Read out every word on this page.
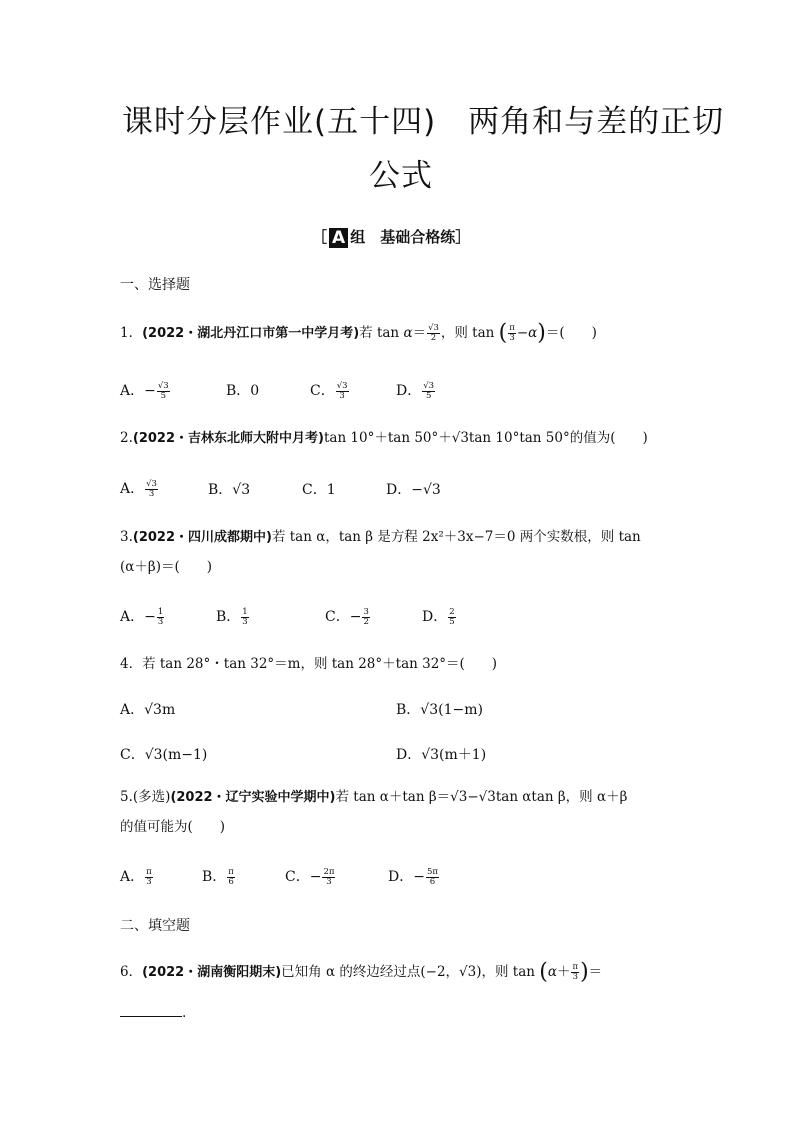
课时分层作业(五十四)　两角和与差的正切
公式
［ A 组　基础合格练］
一、选择题
1．(2022・湖北丹江口市第一中学月考)若 $\tan \alpha= \frac{√3}{2}$ ，则 tan ( $\frac{\pi}{3} -\alpha)=$(　　)
A．− $\frac{√3}{5}$	B．0	C． $\frac{√3}{3}$	D． $\frac{√3}{5}$
2.(2022・吉林东北师大附中月考)tan 10°＋tan 50°＋√3tan 10°tan 50°的值为(　　)
A． $\frac{√3}{3}$	B．√3	C．1	D．−√3
3.(2022・四川成都期中)若 tan α，tan β 是方程 2x²＋3x−7＝0 两个实数根，则 tan
(α＋β)＝(　　)
A．− $\frac{1}{3}$	B． $\frac{1}{3}$	C．− $\frac{3}{2}$	D． $\frac{2}{5}$
4．若 tan 28°・tan 32°＝m，则 tan 28°＋tan 32°＝(　　)
A．√3m	B．√3(1−m)
C．√3(m−1)	D．√3(m＋1)
5.(多选)(2022・辽宁实验中学期中)若 tan α＋tan β＝√3−√3tan αtan β，则 α＋β
的值可能为(　　)
A． $\frac{\pi}{3}$	B． $\frac{\pi}{6}$	C．− $\frac{2\pi}{3}$	D．− $\frac{5\pi}{6}$
二、填空题
6．(2022・湖南衡阳期末)已知角 α 的终边经过点(−2，√3)，则 $\tan (\alpha+ \frac{\pi}{3}$ )＝
.
